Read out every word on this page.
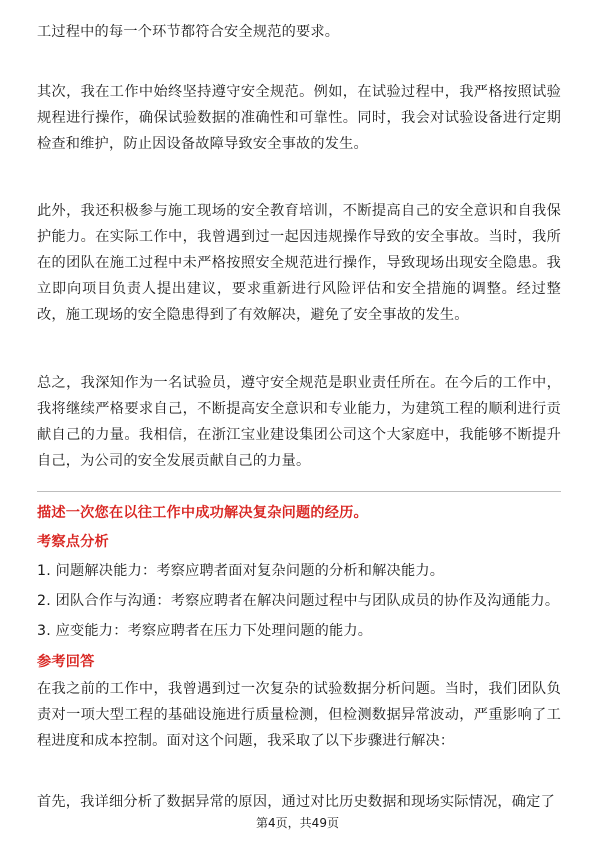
工过程中的每一个环节都符合安全规范的要求。

其次，我在工作中始终坚持遵守安全规范。例如，在试验过程中，我严格按照试验规程进行操作，确保试验数据的准确性和可靠性。同时，我会对试验设备进行定期检查和维护，防止因设备故障导致安全事故的发生。

此外，我还积极参与施工现场的安全教育培训，不断提高自己的安全意识和自我保护能力。在实际工作中，我曾遇到过一起因违规操作导致的安全事故。当时，我所在的团队在施工过程中未严格按照安全规范进行操作，导致现场出现安全隐患。我立即向项目负责人提出建议，要求重新进行风险评估和安全措施的调整。经过整改，施工现场的安全隐患得到了有效解决，避免了安全事故的发生。

总之，我深知作为一名试验员，遵守安全规范是职业责任所在。在今后的工作中，我将继续严格要求自己，不断提高安全意识和专业能力，为建筑工程的顺利进行贡献自己的力量。我相信，在浙江宝业建设集团公司这个大家庭中，我能够不断提升自己，为公司的安全发展贡献自己的力量。

描述一次您在以往工作中成功解决复杂问题的经历。
考察点分析
1. 问题解决能力：考察应聘者面对复杂问题的分析和解决能力。
2. 团队合作与沟通：考察应聘者在解决问题过程中与团队成员的协作及沟通能力。
3. 应变能力：考察应聘者在压力下处理问题的能力。
参考回答

在我之前的工作中，我曾遇到过一次复杂的试验数据分析问题。当时，我们团队负责对一项大型工程的基础设施进行质量检测，但检测数据异常波动，严重影响了工程进度和成本控制。面对这个问题，我采取了以下步骤进行解决：

首先，我详细分析了数据异常的原因，通过对比历史数据和现场实际情况，确定了

第4页，共49页
